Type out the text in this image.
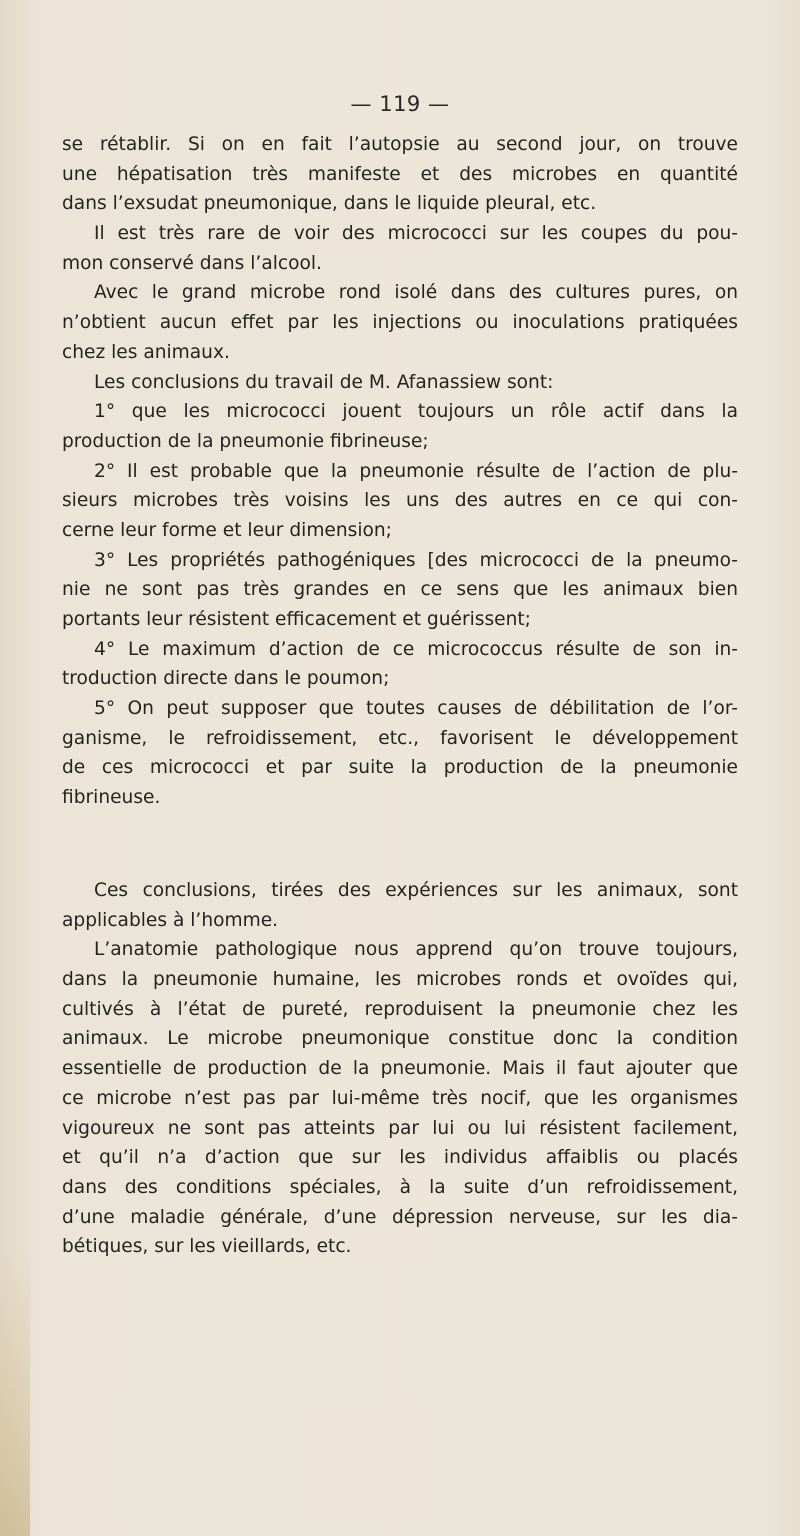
— 119 —
se rétablir. Si on en fait l’autopsie au second jour, on trouve
une hépatisation très manifeste et des microbes en quantité
dans l’exsudat pneumonique, dans le liquide pleural, etc.
Il est très rare de voir des micrococci sur les coupes du pou-
mon conservé dans l’alcool.
Avec le grand microbe rond isolé dans des cultures pures, on
n’obtient aucun effet par les injections ou inoculations pratiquées
chez les animaux.
Les conclusions du travail de M. Afanassiew sont:
1° que les micrococci jouent toujours un rôle actif dans la
production de la pneumonie fibrineuse;
2° Il est probable que la pneumonie résulte de l’action de plu-
sieurs microbes très voisins les uns des autres en ce qui con-
cerne leur forme et leur dimension;
3° Les propriétés pathogéniques [des micrococci de la pneumo-
nie ne sont pas très grandes en ce sens que les animaux bien
portants leur résistent efficacement et guérissent;
4° Le maximum d’action de ce micrococcus résulte de son in-
troduction directe dans le poumon;
5° On peut supposer que toutes causes de débilitation de l’or-
ganisme, le refroidissement, etc., favorisent le développement
de ces micrococci et par suite la production de la pneumonie
fibrineuse.
Ces conclusions, tirées des expériences sur les animaux, sont
applicables à l’homme.
L’anatomie pathologique nous apprend qu’on trouve toujours,
dans la pneumonie humaine, les microbes ronds et ovoïdes qui,
cultivés à l’état de pureté, reproduisent la pneumonie chez les
animaux. Le microbe pneumonique constitue donc la condition
essentielle de production de la pneumonie. Mais il faut ajouter que
ce microbe n’est pas par lui-même très nocif, que les organismes
vigoureux ne sont pas atteints par lui ou lui résistent facilement,
et qu’il n’a d’action que sur les individus affaiblis ou placés
dans des conditions spéciales, à la suite d’un refroidissement,
d’une maladie générale, d’une dépression nerveuse, sur les dia-
bétiques, sur les vieillards, etc.
